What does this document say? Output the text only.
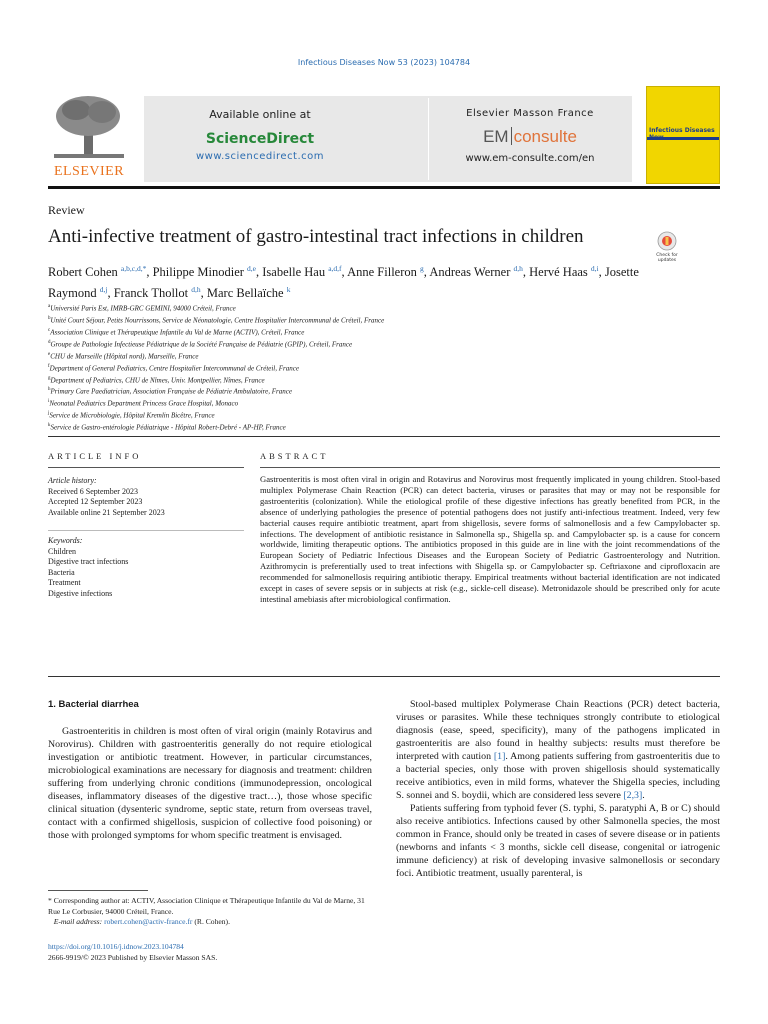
Infectious Diseases Now 53 (2023) 104784
ELSEVIER
Available online at
ScienceDirect
www.sciencedirect.com
Elsevier Masson France
EM consulte
www.em-consulte.com/en
Infectious Diseases
Review
Anti-infective treatment of gastro-intestinal tract infections in children
Check for
updates
Robert Cohen $^{a,b,c,d,*}$, Philippe Minodier $^{d,e}$, Isabelle Hau $^{a,d,f}$, Anne Filleron $^g$, Andreas Werner $^{d,h}$, Hervé Haas $^{d,i}$, Josette Raymond $^{d,j}$, Franck Thollot $^{d,h}$, Marc Bellaïche $^k$
$^a$Université Paris Est, IMRB-GRC GEMINI, 94000 Créteil, France
$^b$Unité Court Séjour, Petits Nourrissons, Service de Néonatologie, Centre Hospitalier Intercommunal de Créteil, France
$^c$Association Clinique et Thérapeutique Infantile du Val de Marne (ACTIV), Créteil, France
$^d$Groupe de Pathologie Infectieuse Pédiatrique de la Société Française de Pédiatrie (GPIP), Créteil, France
$^e$CHU de Marseille (Hôpital nord), Marseille, France
$^f$Department of General Pediatrics, Centre Hospitalier Intercommunal de Créteil, France
$^g$Department of Pediatrics, CHU de Nîmes, Univ. Montpellier, Nîmes, France
$^h$Primary Care Paediatrician, Association Française de Pédiatrie Ambulatoire, France
$^i$Neonatal Pediatrics Department Princess Grace Hospital, Monaco
$^j$Service de Microbiologie, Hôpital Kremlin Bicêtre, France
$^k$Service de Gastro-entérologie Pédiatrique - Hôpital Robert-Debré - AP-HP, France
ARTICLE INFO	ABSTRACT
Article history:
Received 6 September 2023
Accepted 12 September 2023
Available online 21 September 2023
Keywords:
Children
Digestive tract infections
Bacteria
Treatment
Digestive infections
Gastroenteritis is most often viral in origin and Rotavirus and Norovirus most frequently implicated in young children. Stool-based multiplex Polymerase Chain Reaction (PCR) can detect bacteria, viruses or parasites that may or may not be responsible for gastroenteritis (colonization). While the etiological profile of these digestive infections has greatly benefited from PCR, in the absence of underlying pathologies the presence of potential pathogens does not justify anti-infectious treatment. Indeed, very few bacterial causes require antibiotic treatment, apart from shigellosis, severe forms of salmonellosis and a few Campylobacter sp. infections. The development of antibiotic resistance in Salmonella sp., Shigella sp. and Campylobacter sp. is a cause for concern worldwide, limiting therapeutic options. The antibiotics proposed in this guide are in line with the joint recommendations of the European Society of Pediatric Infectious Diseases and the European Society of Pediatric Gastroenterology and Nutrition. Azithromycin is preferentially used to treat infections with Shigella sp. or Campylobacter sp. Ceftriaxone and ciprofloxacin are recommended for salmonellosis requiring antibiotic therapy. Empirical treatments without bacterial identification are not indicated except in cases of severe sepsis or in subjects at risk (e.g., sickle-cell disease). Metronidazole should be prescribed only for acute intestinal amebiasis after microbiological confirmation.
1. Bacterial diarrhea

Gastroenteritis in children is most often of viral origin (mainly Rotavirus and Norovirus). Children with gastroenteritis generally do not require etiological investigation or antibiotic treatment. However, in particular circumstances, microbiological examinations are necessary for diagnosis and treatment: children suffering from underlying chronic conditions (immunodepression, oncological diseases, inflammatory diseases of the digestive tract…), those whose specific clinical situation (dysenteric syndrome, septic state, return from overseas travel, contact with a confirmed shigellosis, suspicion of collective food poisoning) or those with prolonged symptoms for whom specific treatment is envisaged.

Stool-based multiplex Polymerase Chain Reactions (PCR) detect bacteria, viruses or parasites. While these techniques strongly contribute to etiological diagnosis (ease, speed, specificity), many of the pathogens implicated in gastroenteritis are also found in healthy subjects: results must therefore be interpreted with caution [1]. Among patients suffering from gastroenteritis due to a bacterial species, only those with proven shigellosis should systematically receive antibiotics, even in mild forms, whatever the Shigella species, including S. sonnei and S. boydii, which are considered less severe [2,3].

Patients suffering from typhoid fever (S. typhi, S. paratyphi A, B or C) should also receive antibiotics. Infections caused by other Salmonella species, the most common in France, should only be treated in cases of severe disease or in patients (newborns and infants < 3 months, sickle cell disease, congenital or iatrogenic immune deficiency) at risk of developing invasive salmonellosis or secondary foci. Antibiotic treatment, usually parenteral, is

* Corresponding author at: ACTIV, Association Clinique et Thérapeutique Infantile du Val de Marne, 31 Rue Le Corbusier, 94000 Créteil, France.
E-mail address: robert.cohen@activ-france.fr (R. Cohen).
https://doi.org/10.1016/j.idnow.2023.104784
2666-9919/© 2023 Published by Elsevier Masson SAS.
